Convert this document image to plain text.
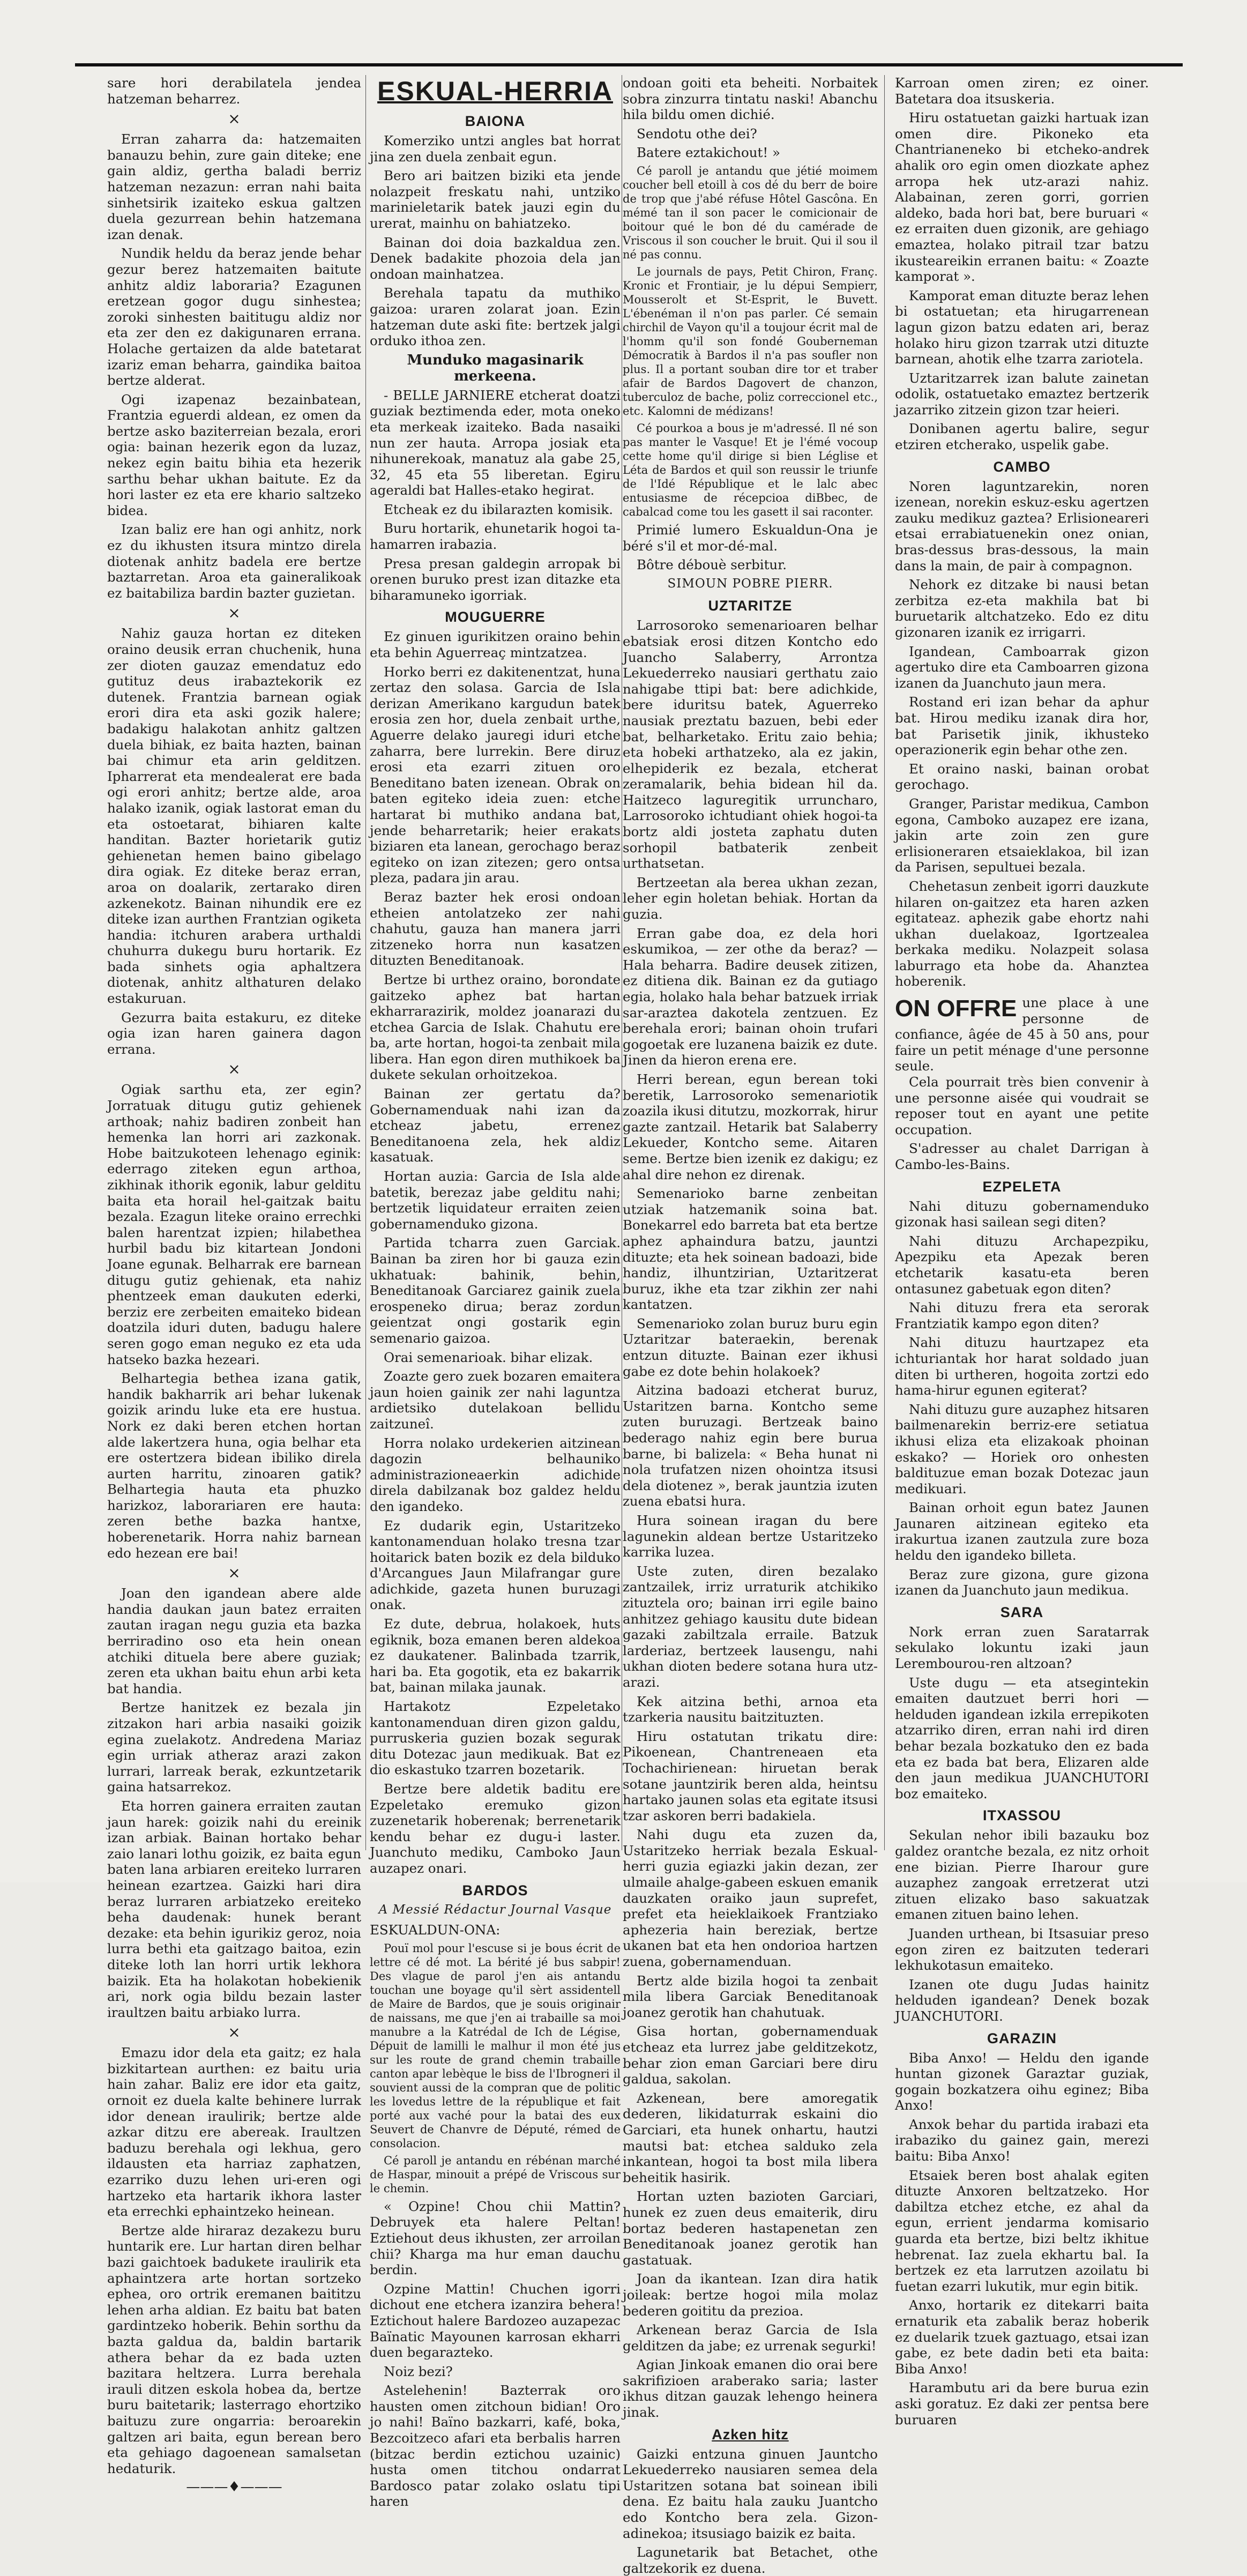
sare hori derabilatela jendea hatzeman beharrez.

×

Erran zaharra da: hatzemaiten banauzu behin, zure gain diteke; ene gain aldiz, gertha baladi berriz hatzeman nezazun: erran nahi baita sinhetsirik izaiteko eskua galtzen duela gezurrean behin hatzemana izan denak.

Nundik heldu da beraz jende behar gezur berez hatzemaiten baitute anhitz aldiz laboraria? Ezagunen eretzean gogor dugu sinhestea; zoroki sinhesten baititugu aldiz nor eta zer den ez dakigunaren errana. Holache gertaizen da alde batetarat izariz eman beharra, gaindika baitoa bertze alderat.

Ogi izapenaz bezainbatean, Frantzia eguerdi aldean, ez omen da bertze asko baziterreian bezala, erori ogia: bainan hezerik egon da luzaz, nekez egin baitu bihia eta hezerik sarthu behar ukhan baitute. Ez da hori laster ez eta ere khario saltzeko bidea.

Izan baliz ere han ogi anhitz, nork ez du ikhusten itsura mintzo direla diotenak anhitz badela ere bertze baztarretan. Aroa eta gaineralikoak ez baitabiliza bardin bazter guzietan.

×

Nahiz gauza hortan ez diteken oraino deusik erran chuchenik, huna zer dioten gauzaz emendatuz edo gutituz deus irabaztekorik ez dutenek. Frantzia barnean ogiak erori dira eta aski gozik halere; badakigu halakotan anhitz galtzen duela bihiak, ez baita hazten, bainan bai chimur eta arin gelditzen. Ipharrerat eta mendealerat ere bada ogi erori anhitz; bertze alde, aroa halako izanik, ogiak lastorat eman du eta ostoetarat, bihiaren kalte handitan. Bazter horietarik gutiz gehienetan hemen baino gibelago dira ogiak. Ez diteke beraz erran, aroa on doalarik, zertarako diren azkenekotz. Bainan nihundik ere ez diteke izan aurthen Frantzian ogiketa handia: itchuren arabera urthaldi chuhurra dukegu buru hortarik. Ez bada sinhets ogia aphaltzera diotenak, anhitz althaturen delako estakuruan.

Gezurra baita estakuru, ez diteke ogia izan haren gainera dagon errana.

×

Ogiak sarthu eta, zer egin? Jorratuak ditugu gutiz gehienek arthoak; nahiz badiren zonbeit han hemenka lan horri ari zazkonak. Hobe baitzukoteen lehenago eginik: ederrago ziteken egun arthoa, zikhinak ithorik egonik, labur gelditu baita eta horail hel-gaitzak baitu bezala. Ezagun liteke oraino errechki balen harentzat izpien; hilabethea hurbil badu biz kitartean Jondoni Joane egunak. Belharrak ere barnean ditugu gutiz gehienak, eta nahiz phentzeek eman daukuten ederki, berziz ere zerbeiten emaiteko bidean doatzila iduri duten, badugu halere seren gogo eman neguko ez eta uda hatseko bazka hezeari.

Belhartegia bethea izana gatik, handik bakharrik ari behar lukenak goizik arindu luke eta ere hustua. Nork ez daki beren etchen hortan alde lakertzera huna, ogia belhar eta ere ostertzera bidean ibiliko direla aurten harritu, zinoaren gatik? Belhartegia hauta eta phuzko harizkoz, laborariaren ere hauta: zeren bethe bazka hantxe, hoberenetarik. Horra nahiz barnean edo hezean ere bai!

×

Joan den igandean abere alde handia daukan jaun batez erraiten zautan iragan negu guzia eta bazka berriradino oso eta hein onean atchiki dituela bere abere guziak; zeren eta ukhan baitu ehun arbi keta bat handia.

Bertze hanitzek ez bezala jin zitzakon hari arbia nasaiki goizik egina zuelakotz. Andredena Mariaz egin urriak atheraz arazi zakon lurrari, larreak berak, ezkuntzetarik gaina hatsarrekoz.

Eta horren gainera erraiten zautan jaun harek: goizik nahi du ereinik izan arbiak. Bainan hortako behar zaio lanari lothu goizik, ez baita egun baten lana arbiaren ereiteko lurraren heinean ezartzea. Gaizki hari dira beraz lurraren arbiatzeko ereiteko beha daudenak: hunek berant dezake: eta behin igurikiz geroz, noia lurra bethi eta gaitzago baitoa, ezin diteke loth lan horri urtik lekhora baizik. Eta ha holakotan hobekienik ari, nork ogia bildu bezain laster iraultzen baitu arbiako lurra.

×

Emazu idor dela eta gaitz; ez hala bizkitartean aurthen: ez baitu uria hain zahar. Baliz ere idor eta gaitz, ornoit ez duela kalte behinere lurrak idor denean iraulirik; bertze alde azkar ditzu ere abereak. Iraultzen baduzu berehala ogi lekhua, gero ildausten eta harriaz zaphatzen, ezarriko duzu lehen uri-eren ogi hartzeko eta hartarik ikhora laster eta errechki ephaintzeko heinean.

Bertze alde hiraraz dezakezu buru huntarik ere. Lur hartan diren belhar bazi gaichtoek badukete iraulirik eta aphaintzera arte hortan sortzeko ephea, oro ortrik eremanen baititzu lehen arha aldian. Ez baitu bat baten gardintzeko hoberik. Behin sorthu da bazta galdua da, baldin bartarik athera behar da ez bada uzten bazitara heltzera. Lurra berehala irauli ditzen eskola hobea da, bertze buru baitetarik; lasterrago ehortziko baituzu zure ongarria: beroarekin galtzen ari baita, egun berean bero eta gehiago dagoenean samalsetan hedaturik.

———♦———
ESKUAL-HERRIA
BAIONA

Komerziko untzi angles bat horrat jina zen duela zenbait egun.

Bero ari baitzen biziki eta jende nolazpeit freskatu nahi, untziko marinieletarik batek jauzi egin du urerat, mainhu on bahiatzeko.

Bainan doi doia bazkaldua zen. Denek badakite phozoia dela jan ondoan mainhatzea.

Berehala tapatu da muthiko gaizoa: uraren zolarat joan. Ezin hatzeman dute aski fite: bertzek jalgi orduko ithoa zen.

Munduko magasinarik merkeena.

- BELLE JARNIERE etcherat doatzi guziak beztimenda eder, mota oneko eta merkeak izaiteko. Bada nasaiki nun zer hauta. Arropa josiak eta nihunerekoak, manatuz ala gabe 25, 32, 45 eta 55 liberetan. Egiru ageraldi bat Halles-etako hegirat.

Etcheak ez du ibilarazten komisik.

Buru hortarik, ehunetarik hogoi ta-hamarren irabazia.

Presa presan galdegin arropak bi orenen buruko prest izan ditazke eta biharamuneko igorriak.

MOUGUERRE

Ez ginuen igurikitzen oraino behin eta behin Aguerreaç mintzatzea.

Horko berri ez dakitenentzat, huna zertaz den solasa. Garcia de Isla derizan Amerikano kargudun batek erosia zen hor, duela zenbait urthe, Aguerre delako jauregi iduri etche zaharra, bere lurrekin. Bere diruz erosi eta ezarri zituen oro Beneditano baten izenean. Obrak on baten egiteko ideia zuen: etche hartarat bi muthiko andana bat, jende beharretarik; heier erakats biziaren eta lanean, gerochago beraz egiteko on izan zitezen; gero ontsa pleza, padara jin arau.

Beraz bazter hek erosi ondoan etheien antolatzeko zer nahi chahutu, gauza han manera jarri zitzeneko horra nun kasatzen dituzten Beneditanoak.

Bertze bi urthez oraino, borondate gaitzeko aphez bat hartan ekharrarazirik, moldez joanarazi du etchea Garcia de Islak. Chahutu ere ba, arte hortan, hogoi-ta zenbait mila libera. Han egon diren muthikoek ba dukete sekulan orhoitzekoa.

Bainan zer gertatu da? Gobernamenduak nahi izan da etcheaz jabetu, errenez Beneditanoena zela, hek aldiz kasatuak.

Hortan auzia: Garcia de Isla alde batetik, berezaz jabe gelditu nahi; bertzetik liquidateur erraiten zeien gobernamenduko gizona.

Partida tcharra zuen Garciak. Bainan ba ziren hor bi gauza ezin ukhatuak: bahinik, behin, Beneditanoak Garciarez gainik zuela erospeneko dirua; beraz zordun geientzat ongi gostarik egin semenario gaizoa.

Orai semenarioak. bihar elizak.

Zoazte gero zuek bozaren emaitera jaun hoien gainik zer nahi laguntza ardietsiko dutelakoan bellidu zaitzuneî.

Horra nolako urdekerien aitzinean dagozin belhauniko administrazioneaerkin adichide direla dabilzanak boz galdez heldu den igandeko.

Ez dudarik egin, Ustaritzeko kantonamenduan holako tresna tzar hoitarick baten bozik ez dela bilduko d'Arcangues Jaun Milafrangar gure adichkide, gazeta hunen buruzagi onak.

Ez dute, debrua, holakoek, huts egiknik, boza emanen beren aldekoa ez daukatener. Balinbada tzarrik, hari ba. Eta gogotik, eta ez bakarrik bat, bainan milaka jaunak.

Hartakotz Ezpeletako kantonamenduan diren gizon galdu, purruskeria guzien bozak segurak ditu Dotezac jaun medikuak. Bat ez dio eskastuko tzarren bozetarik.

Bertze bere aldetik baditu ere Ezpeletako eremuko gizon zuzenetarik hoberenak; berrenetarik kendu behar ez dugu-i laster. Juanchuto mediku, Camboko Jaun auzapez onari.

BARDOS
A Messié Rédactur Journal Vasque

ESKUALDUN-ONA:

Pouï mol pour l'escuse si je bous écrit de lettre cé dé mot. La bérité jé bus sabpir! Des vlague de parol j'en ais antandu touchan une boyage qu'il sèrt assidentell de Maire de Bardos, que je souis originair de naissans, me que j'en ai trabaille sa moi manubre a la Katrédal de Ich de Légise, Dépuit de lamilli le malhur il mon été jus sur les route de grand chemin trabaille canton apar lebèque le biss de l'Ibrogneri il souvient aussi de la compran que de politic les lovedus lettre de la république et fait porté aux vaché pour la batai des eux Seuvert de Chanvre de Député, rémed de consolacion.

Cé paroll je antandu en rébénan marché de Haspar, minouit a prépé de Vriscous sur le chemin.

« Ozpine! Chou chii Mattin? Debruyek eta halere Peltan! Eztiehout deus ikhusten, zer arroilan chii? Kharga ma hur eman dauchu berdin.

Ozpine Mattin! Chuchen igorri dichout ene etchera izanzira behera! Eztichout halere Bardozeo auzapezac Baïnatic Mayounen karrosan ekharri duen begarazteko.

Noiz bezi?

Astelehenin! Bazterrak oro hausten omen zitchoun bidian! Oro jo nahi! Baïno bazkarri, kafé, boka, Bezcoitzeco afari eta berbalis harren (bitzac berdin eztichou uzainic) husta omen titchou ondarrat Bardosco patar zolako oslatu tipi haren

ondoan goiti eta beheiti. Norbaitek sobra zinzurra tintatu naski! Abanchu hila bildu omen dichié.

Sendotu othe dei?

Batere eztakichout! »

Cé paroll je antandu que jétié moimem coucher bell etoill à cos dé du berr de boire de trop que j'abé réfuse Hôtel Gascôna. En mémé tan il son pacer le comicionair de boitour qué le bon dé du camérade de Vriscous il son coucher le bruit. Qui il sou il né pas connu.

Le journals de pays, Petit Chiron, Franç. Kronic et Frontiair, je lu dépui Sempierr, Mousserolt et St-Esprit, le Buvett. L'ébenéman il n'on pas parler. Cé semain chirchil de Vayon qu'il a toujour écrit mal de l'homm qu'il son fondé Gouberneman Démocratik à Bardos il n'a pas soufler non plus. Il a portant souban dire tor et traber afair de Bardos Dagovert de chanzon, tuberculoz de bache, poliz correccionel etc., etc. Kalomni de médizans!

Cé pourkoa a bous je m'adressé. Il né son pas manter le Vasque! Et je l'émé vocoup cette home qu'il dirige si bien Léglise et Léta de Bardos et quil son reussir le triunfe de l'Idé République et le lalc abec entusiasme de récepcioa diBbec, de cabalcad come tou les gasett il sai raconter.

Primié lumero Eskualdun-Ona je béré s'il et mor-dé-mal.

Bôtre débouè serbitur.

SIMOUN POBRE PIERR.
UZTARITZE

Larrosoroko semenarioaren belhar ebatsiak erosi ditzen Kontcho edo Juancho Salaberry, Arrontza Lekuederreko nausiari gerthatu zaio nahigabe ttipi bat: bere adichkide, bere iduritsu batek, Aguerreko nausiak preztatu bazuen, bebi eder bat, belharketako. Eritu zaio behia; eta hobeki arthatzeko, ala ez jakin, elhepiderik ez bezala, etcherat zeramalarik, behia bidean hil da. Haitzeco laguregitik urruncharo, Larrosoroko ichtudiant ohiek hogoi-ta bortz aldi josteta zaphatu duten sorhopil batbaterik zenbeit urthatsetan.

Bertzeetan ala berea ukhan zezan, leher egin holetan behiak. Hortan da guzia.

Erran gabe doa, ez dela hori eskumikoa, — zer othe da beraz? — Hala beharra. Badire deusek zitizen, ez ditiena dik. Bainan ez da gutiago egia, holako hala behar batzuek irriak sar-araztea dakotela zentzuen. Ez berehala erori; bainan ohoin trufari gogoetak ere luzanena baizik ez dute. Jinen da hieron erena ere.

Herri berean, egun berean toki beretik, Larrosoroko semenariotik zoazila ikusi ditutzu, mozkorrak, hirur gazte zantzail. Hetarik bat Salaberry Lekueder, Kontcho seme. Aitaren seme. Bertze bien izenik ez dakigu; ez ahal dire nehon ez direnak.

Semenarioko barne zenbeitan utziak hatzemanik soina bat. Bonekarrel edo barreta bat eta bertze aphez aphaindura batzu, jauntzi dituzte; eta hek soinean badoazi, bide handiz, ilhuntzirian, Uztaritzerat buruz, ikhe eta tzar zikhin zer nahi kantatzen.

Semenarioko zolan buruz buru egin Uztaritzar bateraekin, berenak entzun dituzte. Bainan ezer ikhusi gabe ez dote behin holakoek?

Aitzina badoazi etcherat buruz, Ustaritzen barna. Kontcho seme zuten buruzagi. Bertzeak baino bederago nahiz egin bere burua barne, bi balizela: « Beha hunat ni nola trufatzen nizen ohointza itsusi dela diotenez », berak jauntzia izuten zuena ebatsi hura.

Hura soinean iragan du bere lagunekin aldean bertze Ustaritzeko karrika luzea.

Uste zuten, diren bezalako zantzailek, irriz urraturik atchikiko zituztela oro; bainan irri egile baino anhitzez gehiago kausitu dute bidean gazaki zabiltzala erraile. Batzuk larderiaz, bertzeek lausengu, nahi ukhan dioten bedere sotana hura utz-arazi.

Kek aitzina bethi, arnoa eta tzarkeria nausitu baitzituzten.

Hiru ostatutan trikatu dire: Pikoenean, Chantreneaen eta Tochachirienean: hiruetan berak sotane jauntzirik beren alda, heintsu hartako jaunen solas eta egitate itsusi tzar askoren berri badakiela.

Nahi dugu eta zuzen da, Ustaritzeko herriak bezala Eskual-herri guzia egiazki jakin dezan, zer ulmaile ahalge-gabeen eskuen emanik dauzkaten oraiko jaun suprefet, prefet eta heieklaikoek Frantziako aphezeria hain bereziak, bertze ukanen bat eta hen ondorioa hartzen zuena, gobernamenduan.

Bertz alde bizila hogoi ta zenbait mila libera Garciak Beneditanoak joanez gerotik han chahutuak.

Gisa hortan, gobernamenduak etcheaz eta lurrez jabe gelditzekotz, behar zion eman Garciari bere diru galdua, sakolan.

Azkenean, bere amoregatik dederen, likidaturrak eskaini dio Garciari, eta hunek onhartu, hautzi mautsi bat: etchea salduko zela inkantean, hogoi ta bost mila libera beheitik hasirik.

Hortan uzten bazioten Garciari, hunek ez zuen deus emaiterik, diru bortaz bederen hastapenetan zen Beneditanoak joanez gerotik han gastatuak.

Joan da ikantean. Izan dira hatik joileak: bertze hogoi mila molaz bederen goititu da prezioa.

Arkenean beraz Garcia de Isla gelditzen da jabe; ez urrenak segurki!

Agian Jinkoak emanen dio orai bere sakrifizioen araberako saria; laster ikhus ditzan gauzak lehengo heinera jinak.

Azken hitz

Gaizki entzuna ginuen Jauntcho Lekuederreko nausiaren semea dela Ustaritzen sotana bat soinean ibili dena. Ez baitu hala zauku Juantcho edo Kontcho bera zela. Gizon-adinekoa; itsusiago baizik ez baita.

Lagunetarik bat Betachet, othe galtzekorik ez duena.

Karroan omen ziren; ez oiner. Batetara doa itsuskeria.

Hiru ostatuetan gaizki hartuak izan omen dire. Pikoneko eta Chantrianeneko bi etcheko-andrek ahalik oro egin omen diozkate aphez arropa hek utz-arazi nahiz. Alabainan, zeren gorri, gorrien aldeko, bada hori bat, bere buruari « ez erraiten duen gizonik, are gehiago emaztea, holako pitrail tzar batzu ikusteareikin erranen baitu: « Zoazte kamporat ».

Kamporat eman dituzte beraz lehen bi ostatuetan; eta hirugarrenean lagun gizon batzu edaten ari, beraz holako hiru gizon tzarrak utzi dituzte barnean, ahotik elhe tzarra zariotela.

Uztaritzarrek izan balute zainetan odolik, ostatuetako emaztez bertzerik jazarriko zitzein gizon tzar heieri.

Donibanen agertu balire, segur etziren etcherako, uspelik gabe.

CAMBO

Noren laguntzarekin, noren izenean, norekin eskuz-esku agertzen zauku medikuz gaztea? Erlisioneareri etsai errabiatuenekin onez onian, bras-dessus bras-dessous, la main dans la main, de pair à compagnon.

Nehork ez ditzake bi nausi betan zerbitza ez-eta makhila bat bi buruetarik altchatzeko. Edo ez ditu gizonaren izanik ez irrigarri.

Igandean, Camboarrak gizon agertuko dire eta Camboarren gizona izanen da Juanchuto jaun mera.

Rostand eri izan behar da aphur bat. Hirou mediku izanak dira hor, bat Parisetik jinik, ikhusteko operazionerik egin behar othe zen.

Et oraino naski, bainan orobat gerochago.

Granger, Paristar medikua, Cambon egona, Camboko auzapez ere izana, jakin arte zoin zen gure erlisioneraren etsaieklakoa, bil izan da Parisen, sepultuei bezala.

Chehetasun zenbeit igorri dauzkute hilaren on-gaitzez eta haren azken egitateaz. aphezik gabe ehortz nahi ukhan duelakoaz, Igortzealea berkaka mediku. Nolazpeit solasa laburrago eta hobe da. Ahanztea hoberenik.

ON OFFRE une place à une personne de confiance, âgée de 45 à 50 ans, pour faire un petit ménage d'une personne seule.

Cela pourrait très bien convenir à une personne aisée qui voudrait se reposer tout en ayant une petite occupation.

S'adresser au chalet Darrigan à Cambo-les-Bains.

EZPELETA

Nahi dituzu gobernamenduko gizonak hasi sailean segi diten?

Nahi dituzu Archapezpiku, Apezpiku eta Apezak beren etchetarik kasatu-eta beren ontasunez gabetuak egon diten?

Nahi dituzu frera eta serorak Frantziatik kampo egon diten?

Nahi dituzu haurtzapez eta ichturiantak hor harat soldado juan diten bi urtheren, hogoita zortzi edo hama-hirur egunen egiterat?

Nahi dituzu gure auzaphez hitsaren bailmenarekin berriz-ere setiatua ikhusi eliza eta elizakoak phoinan eskako? — Horiek oro onhesten baldituzue eman bozak Dotezac jaun medikuari.

Bainan orhoit egun batez Jaunen Jaunaren aitzinean egiteko eta irakurtua izanen zautzula zure boza heldu den igandeko billeta.

Beraz zure gizona, gure gizona izanen da Juanchuto jaun medikua.

SARA

Nork erran zuen Saratarrak sekulako lokuntu izaki jaun Lerembourou-ren altzoan?

Uste dugu — eta atsegintekin emaiten dautzuet berri hori — helduden igandean izkila errepikoten atzarriko diren, erran nahi ird diren behar bezala bozkatuko den ez bada eta ez bada bat bera, Elizaren alde den jaun medikua JUANCHUTORI boz emaiteko.

ITXASSOU

Sekulan nehor ibili bazauku boz galdez orantche bezala, ez nitz orhoit ene bizian. Pierre Iharour gure auzaphez zangoak erretzerat utzi zituen elizako baso sakuatzak emanen zituen baino lehen.

Juanden urthean, bi Itsasuiar preso egon ziren ez baitzuten tederari lekhukotasun emaiteko.

Izanen ote dugu Judas hainitz helduden igandean? Denek bozak JUANCHUTORI.

GARAZIN

Biba Anxo! — Heldu den igande huntan gizonek Garaztar guziak, gogain bozkatzera oihu eginez; Biba Anxo!

Anxok behar du partida irabazi eta irabaziko du gainez gain, merezi baitu: Biba Anxo!

Etsaiek beren bost ahalak egiten dituzte Anxoren beltzatzeko. Hor dabiltza etchez etche, ez ahal da egun, errient jendarma komisario guarda eta bertze, bizi beltz ikhitue hebrenat. Iaz zuela ekhartu bal. Ia bertzek ez eta larrutzen azoilatu bi fuetan ezarri lukutik, mur egin bitik.

Anxo, hortarik ez ditekarri baita ernaturik eta zabalik beraz hoberik ez duelarik tzuek gaztuago, etsai izan gabe, ez bete dadin beti eta baita: Biba Anxo!

Harambutu ari da bere burua ezin aski goratuz. Ez daki zer pentsa bere buruaren
